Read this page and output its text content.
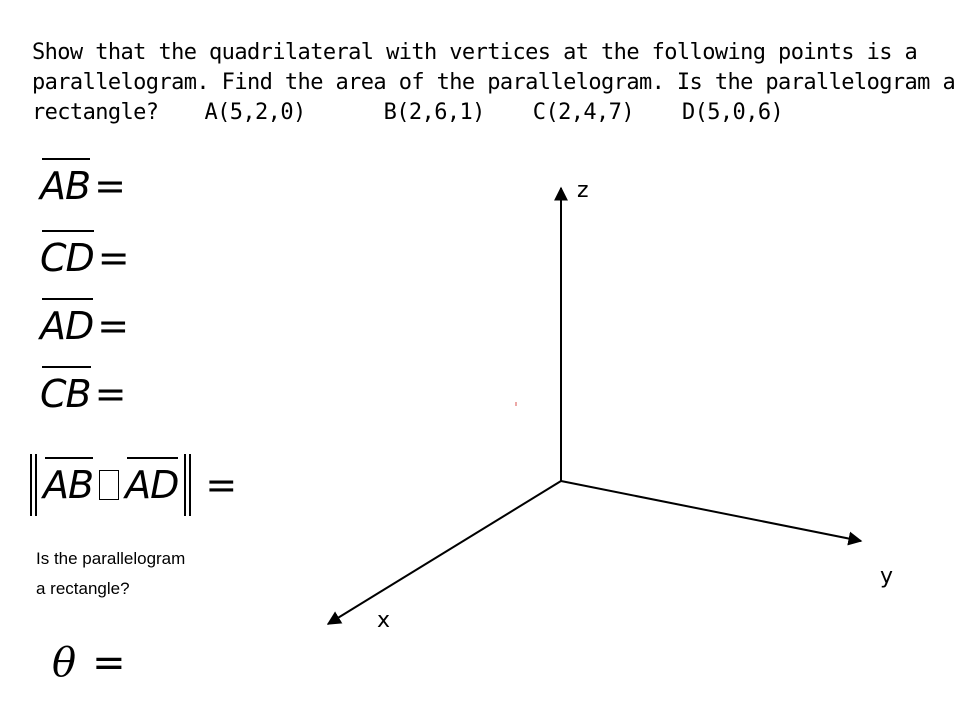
Show that the quadrilateral with vertices at the following points is a
parallelogram. Find the area of the parallelogram. Is the parallelogram a
rectangle? A(5,2,0)	B(2,6,1) C(2,4,7) D(5,0,6)
AB =
CD =
AD =
CB =
AB AD =
Is the parallelogram
a rectangle?
θ =
z
y
x
